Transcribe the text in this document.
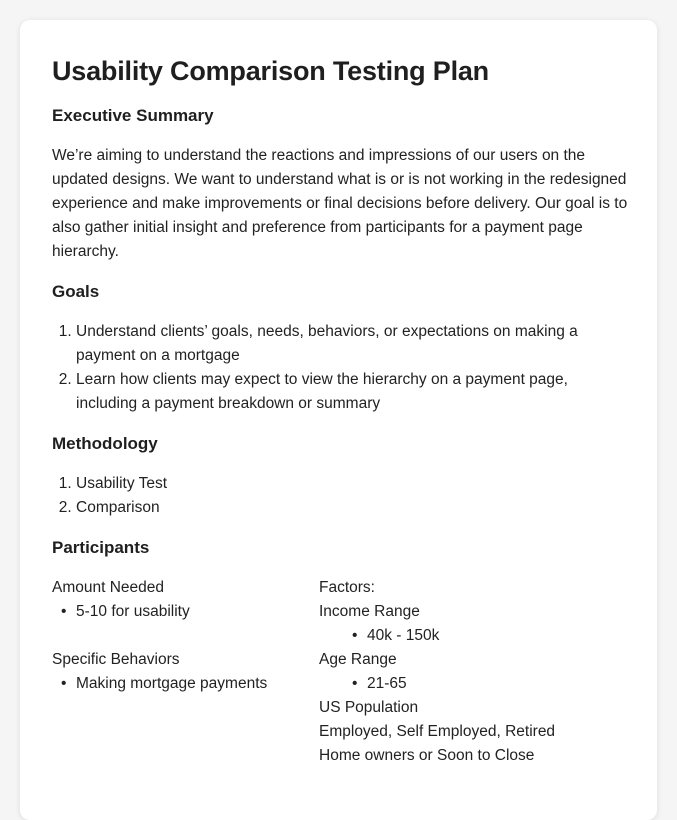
Usability Comparison Testing Plan
Executive Summary

We’re aiming to understand the reactions and impressions of our users on the updated designs. We want to understand what is or is not working in the redesigned experience and make improvements or final decisions before delivery. Our goal is to also gather initial insight and preference from participants for a payment page hierarchy.

Goals
1. Understand clients’ goals, needs, behaviors, or expectations on making a payment on a mortgage
2. Learn how clients may expect to view the hierarchy on a payment page, including a payment breakdown or summary
Methodology
1. Usability Test
2. Comparison
Participants
Amount Needed
• 5-10 for usability
Specific Behaviors
• Making mortgage payments
Factors:
Income Range
• 40k - 150k
Age Range
• 21-65
US Population
Employed, Self Employed, Retired
Home owners or Soon to Close
